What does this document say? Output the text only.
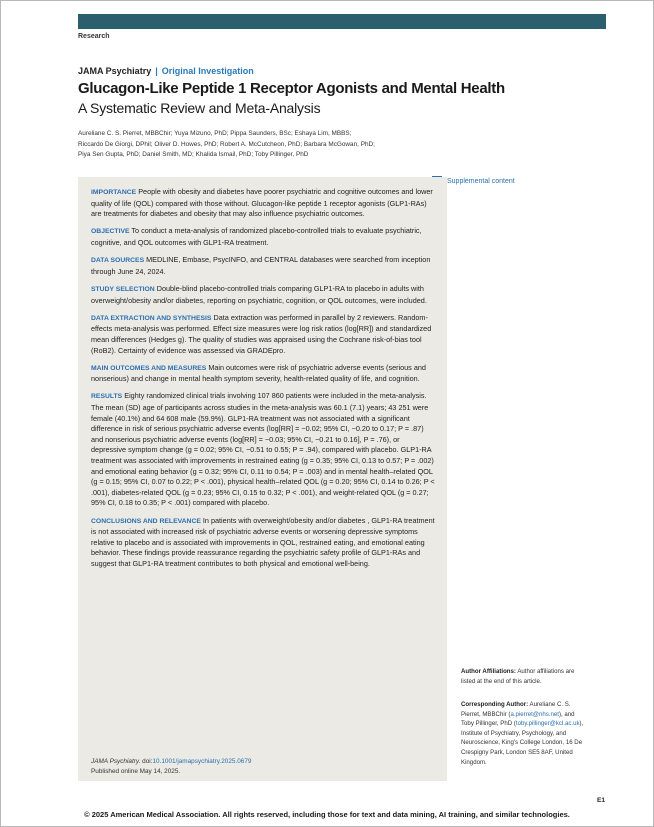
Research
JAMA Psychiatry | Original Investigation
Glucagon-Like Peptide 1 Receptor Agonists and Mental Health
A Systematic Review and Meta-Analysis
Aureliane C. S. Pierret, MBBChir; Yuya Mizuno, PhD; Pippa Saunders, BSc; Eshaya Lim, MBBS;
Riccardo De Giorgi, DPhil; Oliver D. Howes, PhD; Robert A. McCutcheon, PhD; Barbara McGowan, PhD;
Piya Sen Gupta, PhD; Daniel Smith, MD; Khalida Ismail, PhD; Toby Pillinger, PhD
Supplemental content
IMPORTANCE People with obesity and diabetes have poorer psychiatric and cognitive outcomes and lower quality of life (QOL) compared with those without. Glucagon-like peptide 1 receptor agonists (GLP1-RAs) are treatments for diabetes and obesity that may also influence psychiatric outcomes.
OBJECTIVE To conduct a meta-analysis of randomized placebo-controlled trials to evaluate psychiatric, cognitive, and QOL outcomes with GLP1-RA treatment.
DATA SOURCES MEDLINE, Embase, PsycINFO, and CENTRAL databases were searched from inception through June 24, 2024.
STUDY SELECTION Double-blind placebo-controlled trials comparing GLP1-RA to placebo in adults with overweight/obesity and/or diabetes, reporting on psychiatric, cognition, or QOL outcomes, were included.
DATA EXTRACTION AND SYNTHESIS Data extraction was performed in parallel by 2 reviewers. Random-effects meta-analysis was performed. Effect size measures were log risk ratios (log[RR]) and standardized mean differences (Hedges g). The quality of studies was appraised using the Cochrane risk-of-bias tool (RoB2). Certainty of evidence was assessed via GRADEpro.
MAIN OUTCOMES AND MEASURES Main outcomes were risk of psychiatric adverse events (serious and nonserious) and change in mental health symptom severity, health-related quality of life, and cognition.
RESULTS Eighty randomized clinical trials involving 107 860 patients were included in the meta-analysis. The mean (SD) age of participants across studies in the meta-analysis was 60.1 (7.1) years; 43 251 were female (40.1%) and 64 608 male (59.9%). GLP1-RA treatment was not associated with a significant difference in risk of serious psychiatric adverse events (log[RR] = −0.02; 95% CI, −0.20 to 0.17; P = .87) and nonserious psychiatric adverse events (log[RR] = −0.03; 95% CI, −0.21 to 0.16], P = .76), or depressive symptom change (g = 0.02; 95% CI, −0.51 to 0.55; P = .94), compared with placebo. GLP1-RA treatment was associated with improvements in restrained eating (g = 0.35; 95% CI, 0.13 to 0.57; P = .002) and emotional eating behavior (g = 0.32; 95% CI, 0.11 to 0.54; P = .003) and in mental health–related QOL (g = 0.15; 95% CI, 0.07 to 0.22; P < .001), physical health–related QOL (g = 0.20; 95% CI, 0.14 to 0.26; P < .001), diabetes-related QOL (g = 0.23; 95% CI, 0.15 to 0.32; P < .001), and weight-related QOL (g = 0.27; 95% CI, 0.18 to 0.35; P < .001) compared with placebo.
CONCLUSIONS AND RELEVANCE In patients with overweight/obesity and/or diabetes , GLP1-RA treatment is not associated with increased risk of psychiatric adverse events or worsening depressive symptoms relative to placebo and is associated with improvements in QOL, restrained eating, and emotional eating behavior. These findings provide reassurance regarding the psychiatric safety profile of GLP1-RAs and suggest that GLP1-RA treatment contributes to both physical and emotional well-being.
JAMA Psychiatry. doi:10.1001/jamapsychiatry.2025.0679
Published online May 14, 2025.
Author Affiliations: Author affiliations are listed at the end of this article.
Corresponding Author: Aureliane C. S. Pierret, MBBChir (a.pierret@nhs.net), and Toby Pillinger, PhD (toby.pillinger@kcl.ac.uk), Institute of Psychiatry, Psychology, and Neuroscience, King's College London, 16 De Crespigny Park, London SE5 8AF, United Kingdom.
E1
© 2025 American Medical Association. All rights reserved, including those for text and data mining, AI training, and similar technologies.
